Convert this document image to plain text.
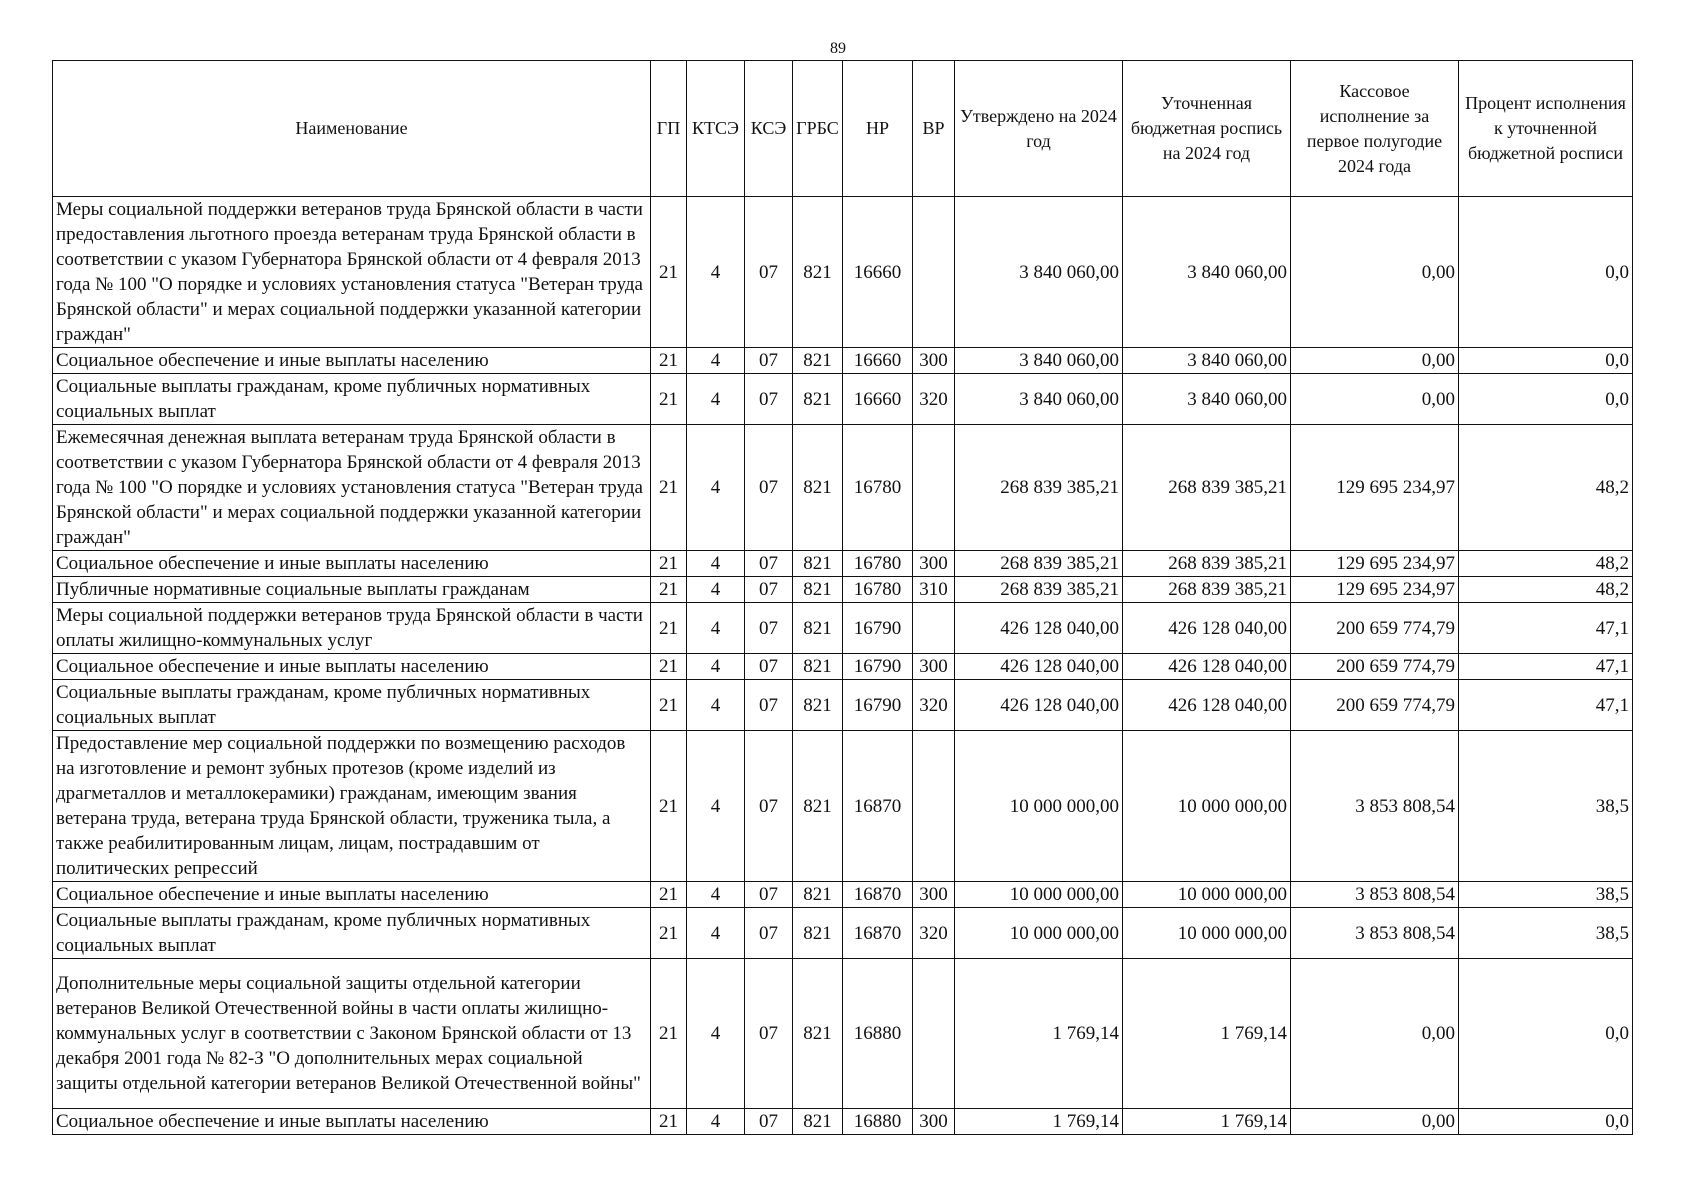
89
Наименование	ГП	КТСЭ	КСЭ	ГРБС	НР	ВР	Утверждено на 2024 год	Уточненная бюджетная роспись на 2024 год	Кассовое исполнение за первое полугодие 2024 года	Процент исполнения к уточненной бюджетной росписи
Меры социальной поддержки ветеранов труда Брянской области в части предоставления льготного проезда ветеранам труда Брянской области в соответствии с указом Губернатора Брянской области от 4 февраля 2013 года № 100 "О порядке и условиях установления статуса "Ветеран труда Брянской области" и мерах социальной поддержки указанной категории граждан"	21	4	07	821	16660		3 840 060,00	3 840 060,00	0,00	0,0
Социальное обеспечение и иные выплаты населению	21	4	07	821	16660	300	3 840 060,00	3 840 060,00	0,00	0,0
Социальные выплаты гражданам, кроме публичных нормативных социальных выплат	21	4	07	821	16660	320	3 840 060,00	3 840 060,00	0,00	0,0
Ежемесячная денежная выплата ветеранам труда Брянской области в соответствии с указом Губернатора Брянской области от 4 февраля 2013 года № 100 "О порядке и условиях установления статуса "Ветеран труда Брянской области" и мерах социальной поддержки указанной категории граждан"	21	4	07	821	16780		268 839 385,21	268 839 385,21	129 695 234,97	48,2
Социальное обеспечение и иные выплаты населению	21	4	07	821	16780	300	268 839 385,21	268 839 385,21	129 695 234,97	48,2
Публичные нормативные социальные выплаты гражданам	21	4	07	821	16780	310	268 839 385,21	268 839 385,21	129 695 234,97	48,2
Меры социальной поддержки ветеранов труда Брянской области в части оплаты жилищно-коммунальных услуг	21	4	07	821	16790		426 128 040,00	426 128 040,00	200 659 774,79	47,1
Социальное обеспечение и иные выплаты населению	21	4	07	821	16790	300	426 128 040,00	426 128 040,00	200 659 774,79	47,1
Социальные выплаты гражданам, кроме публичных нормативных социальных выплат	21	4	07	821	16790	320	426 128 040,00	426 128 040,00	200 659 774,79	47,1
Предоставление мер социальной поддержки по возмещению расходов на изготовление и ремонт зубных протезов (кроме изделий из драгметаллов и металлокерамики) гражданам, имеющим звания ветерана труда, ветерана труда Брянской области, труженика тыла, а также реабилитированным лицам, лицам, пострадавшим от политических репрессий	21	4	07	821	16870		10 000 000,00	10 000 000,00	3 853 808,54	38,5
Социальное обеспечение и иные выплаты населению	21	4	07	821	16870	300	10 000 000,00	10 000 000,00	3 853 808,54	38,5
Социальные выплаты гражданам, кроме публичных нормативных социальных выплат	21	4	07	821	16870	320	10 000 000,00	10 000 000,00	3 853 808,54	38,5
Дополнительные меры социальной защиты отдельной категории ветеранов Великой Отечественной войны в части оплаты жилищно-коммунальных услуг в соответствии с Законом Брянской области от 13 декабря 2001 года № 82-З "О дополнительных мерах социальной защиты отдельной категории ветеранов Великой Отечественной войны"	21	4	07	821	16880		1 769,14	1 769,14	0,00	0,0
Социальное обеспечение и иные выплаты населению	21	4	07	821	16880	300	1 769,14	1 769,14	0,00	0,0
